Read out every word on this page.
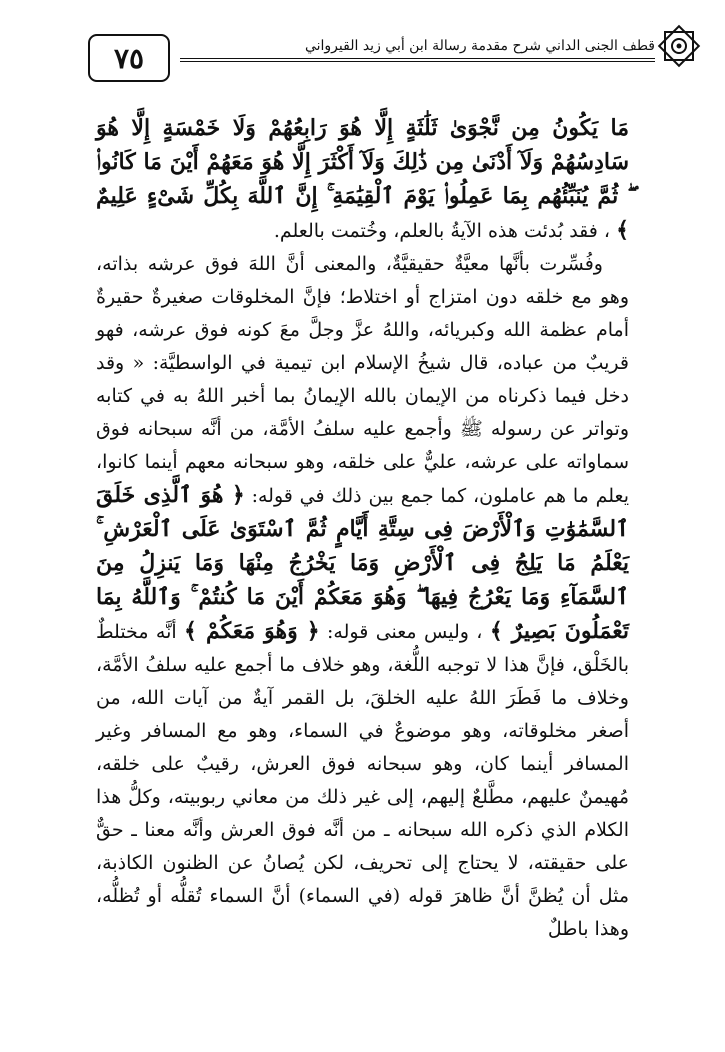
قطف الجنى الداني شرح مقدمة رسالة ابن أبي زيد القيرواني
٧٥

مَا يَكُونُ مِن نَّجْوَىٰ ثَلَٰثَةٍ إِلَّا هُوَ رَابِعُهُمْ وَلَا خَمْسَةٍ إِلَّا هُوَ سَادِسُهُمْ وَلَآ أَدْنَىٰ مِن ذَٰلِكَ وَلَآ أَكْثَرَ إِلَّا هُوَ مَعَهُمْ أَيْنَ مَا كَانُوا۟ ۖ ثُمَّ يُنَبِّئُهُم بِمَا عَمِلُوا۟ يَوْمَ ٱلْقِيَٰمَةِ ۚ إِنَّ ٱللَّهَ بِكُلِّ شَىْءٍ عَلِيمٌ ﴾ ، فقد بُدئت هذه الآيةُ بالعلم، وخُتمت بالعلم.

وفُسِّرت بأنَّها معيَّةٌ حقيقيَّةٌ، والمعنى أنَّ اللهَ فوق عرشه بذاته، وهو مع خلقه دون امتزاج أو اختلاط؛ فإنَّ المخلوقات صغيرةٌ حقيرةٌ أمام عظمة الله وكبريائه، واللهُ عزَّ وجلَّ معَ كونه فوق عرشه، فهو قريبٌ من عباده، قال شيخُ الإسلام ابن تيمية في الواسطيَّة: « وقد دخل فيما ذكرناه من الإيمان بالله الإيمانُ بما أخبر اللهُ به في كتابه وتواتر عن رسوله ﷺ وأجمع عليه سلفُ الأمَّة، من أنَّه سبحانه فوق سماواته على عرشه، عليٌّ على خلقه، وهو سبحانه معهم أينما كانوا، يعلم ما هم عاملون، كما جمع بين ذلك في قوله: ﴿ هُوَ ٱلَّذِى خَلَقَ ٱلسَّمَٰوَٰتِ وَٱلْأَرْضَ فِى سِتَّةِ أَيَّامٍ ثُمَّ ٱسْتَوَىٰ عَلَى ٱلْعَرْشِ ۚ يَعْلَمُ مَا يَلِجُ فِى ٱلْأَرْضِ وَمَا يَخْرُجُ مِنْهَا وَمَا يَنزِلُ مِنَ ٱلسَّمَآءِ وَمَا يَعْرُجُ فِيهَا ۖ وَهُوَ مَعَكُمْ أَيْنَ مَا كُنتُمْ ۚ وَٱللَّهُ بِمَا تَعْمَلُونَ بَصِيرٌ ﴾ ، وليس معنى قوله: ﴿ وَهُوَ مَعَكُمْ ﴾ أنَّه مختلطٌ بالخَلْق، فإنَّ هذا لا توجبه اللُّغة، وهو خلاف ما أجمع عليه سلفُ الأمَّة، وخلاف ما فَطَرَ اللهُ عليه الخلقَ، بل القمر آيةٌ من آيات الله، من أصغر مخلوقاته، وهو موضوعٌ في السماء، وهو مع المسافر وغير المسافر أينما كان، وهو سبحانه فوق العرش، رقيبٌ على خلقه، مُهيمنٌ عليهم، مطَّلعٌ إليهم، إلى غير ذلك من معاني ربوبيته، وكلُّ هذا الكلام الذي ذكره الله سبحانه ـ من أنَّه فوق العرش وأنَّه معنا ـ حقٌّ على حقيقته، لا يحتاج إلى تحريف، لكن يُصانُ عن الظنون الكاذبة، مثل أن يُظنَّ أنَّ ظاهرَ قوله (في السماء) أنَّ السماء تُقلُّه أو تُظلُّه، وهذا باطلٌ
